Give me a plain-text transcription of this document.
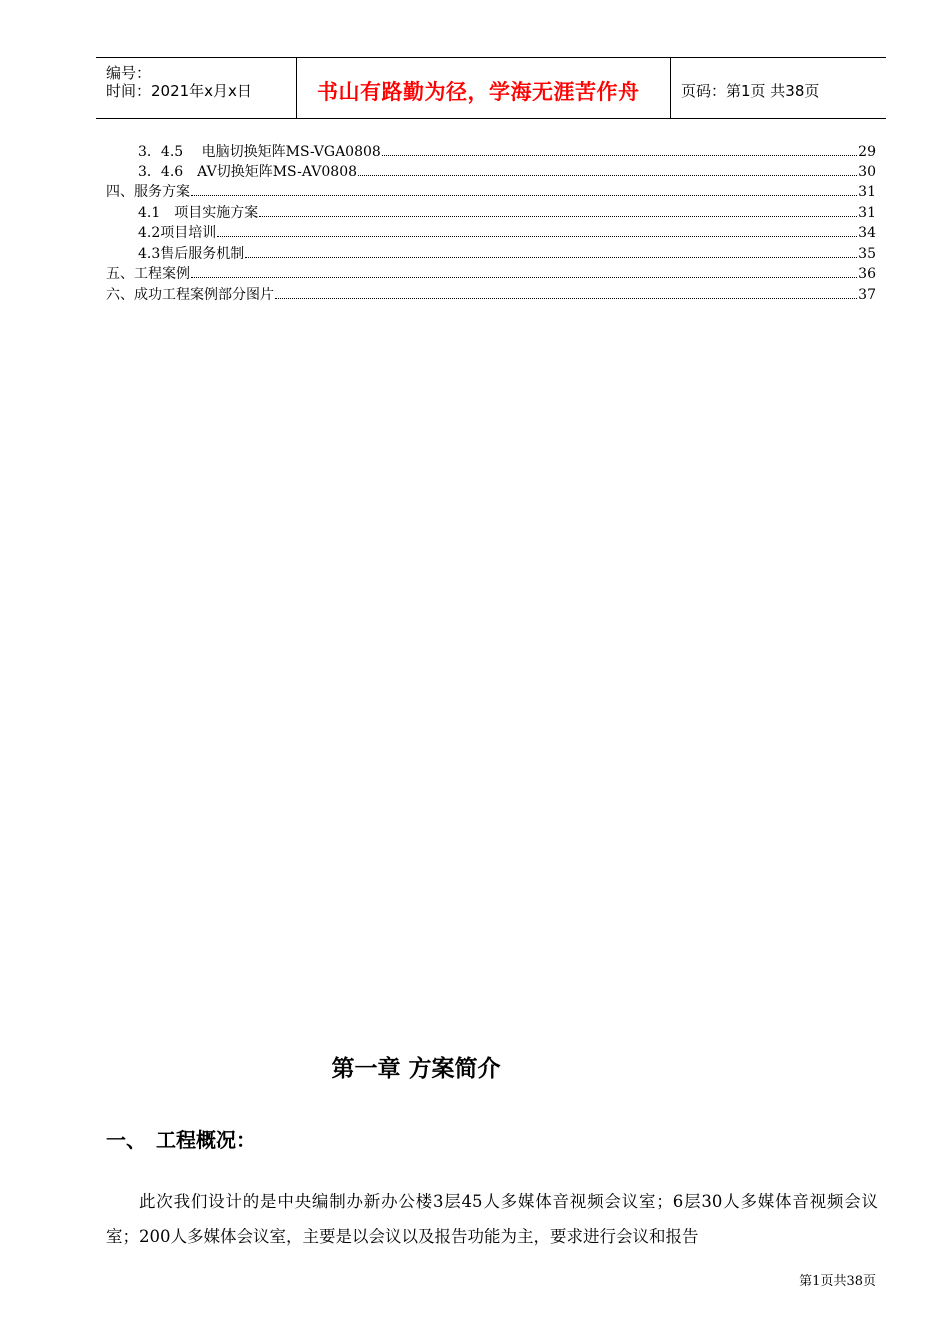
编号：
时间：2021年x月x日	书山有路勤为径，学海无涯苦作舟	页码：第1页 共38页
3．4.5　 电脑切换矩阵MS-VGA0808	29
3．4.6　AV切换矩阵MS-AV0808	30
四、服务方案	31
4.1　项目实施方案	31
4.2项目培训	34
4.3售后服务机制	35
五、工程案例	36
六、成功工程案例部分图片	37
第一章 方案简介
一、　工程概况：
此次我们设计的是中央编制办新办公楼3层45人多媒体音视频会议室；6层30人多媒体音视频会议室；200人多媒体会议室，主要是以会议以及报告功能为主，要求进行会议和报告
第1页共38页
